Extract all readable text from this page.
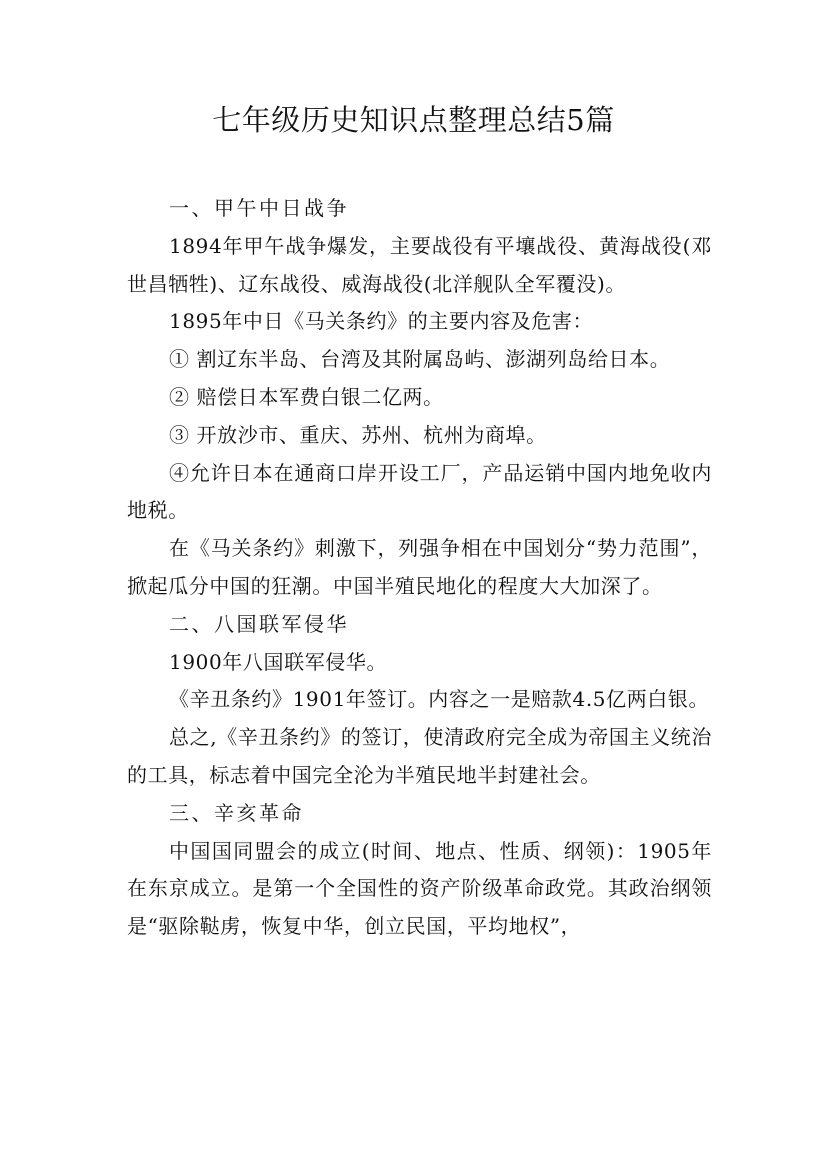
七年级历史知识点整理总结5篇

一、甲午中日战争

1894年甲午战争爆发，主要战役有平壤战役、黄海战役(邓世昌牺牲)、辽东战役、威海战役(北洋舰队全军覆没)。

1895年中日《马关条约》的主要内容及危害：

① 割辽东半岛、台湾及其附属岛屿、澎湖列岛给日本。

② 赔偿日本军费白银二亿两。

③ 开放沙市、重庆、苏州、杭州为商埠。

④允许日本在通商口岸开设工厂，产品运销中国内地免收内地税。

在《马关条约》刺激下，列强争相在中国划分“势力范围”，掀起瓜分中国的狂潮。中国半殖民地化的程度大大加深了。

二、八国联军侵华

1900年八国联军侵华。

《辛丑条约》1901年签订。内容之一是赔款4.5亿两白银。

总之,《辛丑条约》的签订，使清政府完全成为帝国主义统治的工具，标志着中国完全沦为半殖民地半封建社会。

三、辛亥革命

中国国同盟会的成立(时间、地点、性质、纲领)：1905年在东京成立。是第一个全国性的资产阶级革命政党。其政治纲领是“驱除鞑虏，恢复中华，创立民国，平均地权”，
